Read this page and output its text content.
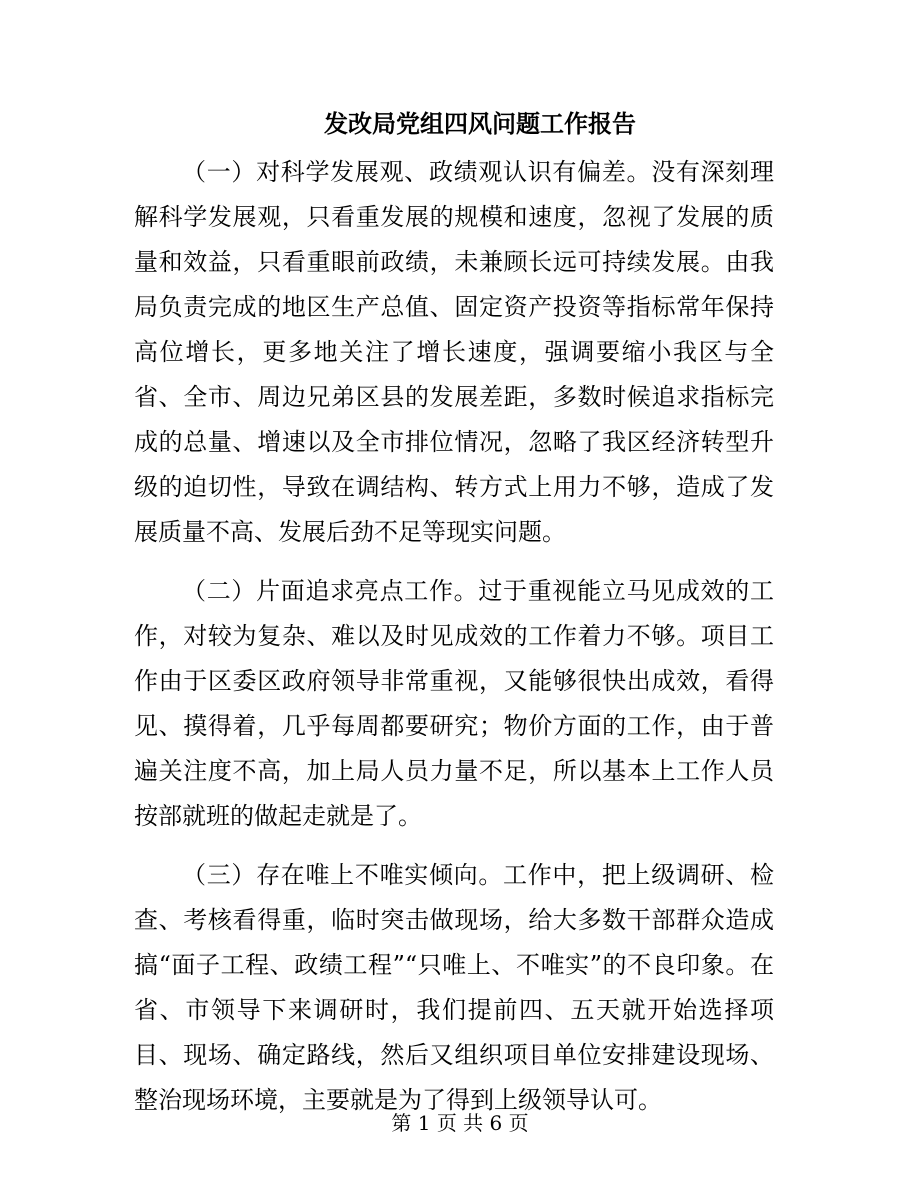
发改局党组四风问题工作报告

（一）对科学发展观、政绩观认识有偏差。没有深刻理解科学发展观，只看重发展的规模和速度，忽视了发展的质量和效益，只看重眼前政绩，未兼顾长远可持续发展。由我局负责完成的地区生产总值、固定资产投资等指标常年保持高位增长，更多地关注了增长速度，强调要缩小我区与全省、全市、周边兄弟区县的发展差距，多数时候追求指标完成的总量、增速以及全市排位情况，忽略了我区经济转型升级的迫切性，导致在调结构、转方式上用力不够，造成了发展质量不高、发展后劲不足等现实问题。

（二）片面追求亮点工作。过于重视能立马见成效的工作，对较为复杂、难以及时见成效的工作着力不够。项目工作由于区委区政府领导非常重视，又能够很快出成效，看得见、摸得着，几乎每周都要研究；物价方面的工作，由于普遍关注度不高，加上局人员力量不足，所以基本上工作人员按部就班的做起走就是了。

（三）存在唯上不唯实倾向。工作中，把上级调研、检查、考核看得重，临时突击做现场，给大多数干部群众造成搞“面子工程、政绩工程”“只唯上、不唯实”的不良印象。在省、市领导下来调研时，我们提前四、五天就开始选择项目、现场、确定路线，然后又组织项目单位安排建设现场、整治现场环境，主要就是为了得到上级领导认可。

第 1 页 共 6 页
